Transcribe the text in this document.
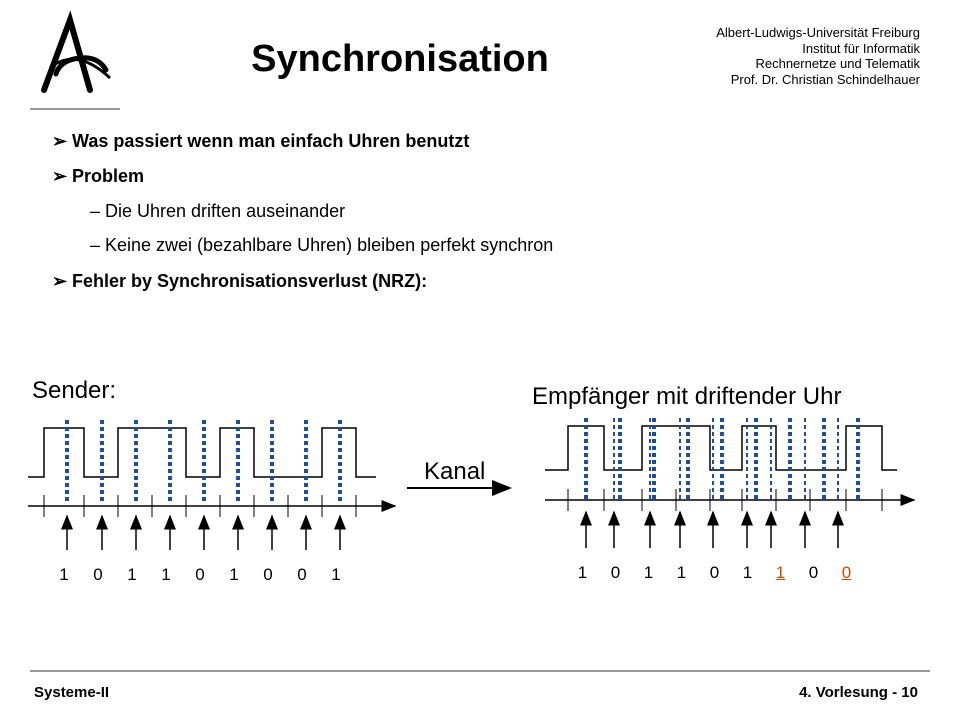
Synchronisation
Albert-Ludwigs-Universität Freiburg
Institut für Informatik
Rechnernetze und Telematik
Prof. Dr. Christian Schindelhauer
➢ Was passiert wenn man einfach Uhren benutzt
➢ Problem
– Die Uhren driften auseinander
– Keine zwei (bezahlbare Uhren) bleiben perfekt synchron
➢ Fehler by Synchronisationsverlust (NRZ):
Sender:	Empfänger mit driftender Uhr
Kanal
1 0 1 1 0 1 0 0 1	1 0 1 1 0 1 1 0 0
Systeme-II	4. Vorlesung - 10
